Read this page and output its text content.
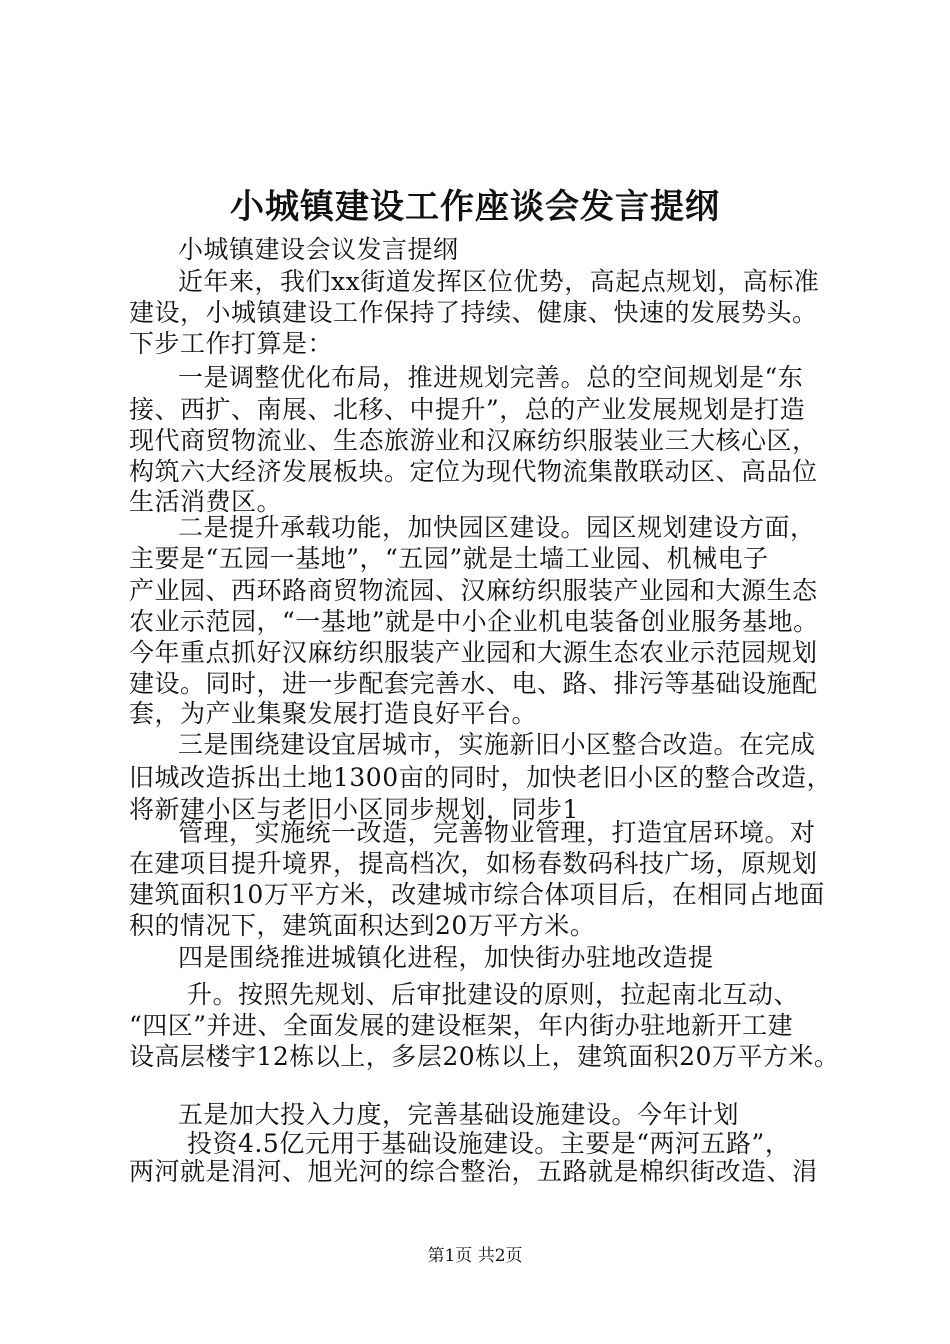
小城镇建设工作座谈会发言提纲
小城镇建设会议发言提纲
近年来，我们xx街道发挥区位优势，高起点规划，高标准
建设，小城镇建设工作保持了持续、健康、快速的发展势头。
下步工作打算是：
一是调整优化布局，推进规划完善。总的空间规划是“东
接、西扩、南展、北移、中提升”，总的产业发展规划是打造
现代商贸物流业、生态旅游业和汉麻纺织服装业三大核心区，
构筑六大经济发展板块。定位为现代物流集散联动区、高品位
生活消费区。
二是提升承载功能，加快园区建设。园区规划建设方面，
主要是“五园一基地”，“五园”就是土墙工业园、机械电子
产业园、西环路商贸物流园、汉麻纺织服装产业园和大源生态
农业示范园，“一基地”就是中小企业机电装备创业服务基地。
今年重点抓好汉麻纺织服装产业园和大源生态农业示范园规划
建设。同时，进一步配套完善水、电、路、排污等基础设施配
套，为产业集聚发展打造良好平台。
三是围绕建设宜居城市，实施新旧小区整合改造。在完成
旧城改造拆出土地1300亩的同时，加快老旧小区的整合改造，
将新建小区与老旧小区同步规划，同步1
管理，实施统一改造，完善物业管理，打造宜居环境。对
在建项目提升境界，提高档次，如杨春数码科技广场，原规划
建筑面积10万平方米，改建城市综合体项目后，在相同占地面
积的情况下，建筑面积达到20万平方米。
四是围绕推进城镇化进程，加快街办驻地改造提
升。按照先规划、后审批建设的原则，拉起南北互动、
“四区”并进、全面发展的建设框架，年内街办驻地新开工建
设高层楼宇12栋以上，多层20栋以上，建筑面积20万平方米。
五是加大投入力度，完善基础设施建设。今年计划
投资4.5亿元用于基础设施建设。主要是“两河五路”，
两河就是涓河、旭光河的综合整治，五路就是棉织街改造、涓
第1页 共2页
